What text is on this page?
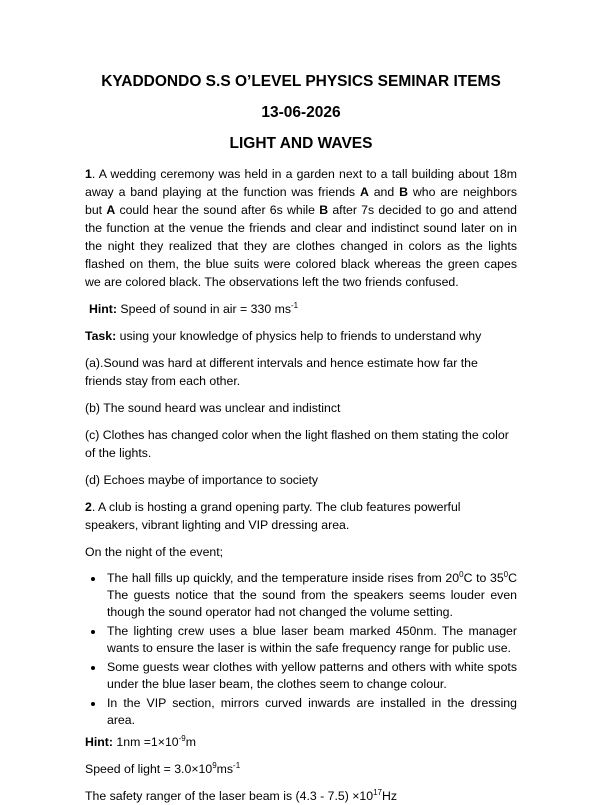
KYADDONDO S.S O’LEVEL PHYSICS SEMINAR ITEMS
13-06-2026
LIGHT AND WAVES

1. A wedding ceremony was held in a garden next to a tall building about 18m away a band playing at the function was friends A and B who are neighbors but A could hear the sound after 6s while B after 7s decided to go and attend the function at the venue the friends and clear and indistinct sound later on in the night they realized that they are clothes changed in colors as the lights flashed on them, the blue suits were colored black whereas the green capes we are colored black. The observations left the two friends confused.

Hint: Speed of sound in air = 330 $ms^{-1}$

Task: using your knowledge of physics help to friends to understand why

(a).Sound was hard at different intervals and hence estimate how far the friends stay from each other.

(b) The sound heard was unclear and indistinct

(c) Clothes has changed color when the light flashed on them stating the color of the lights.

(d) Echoes maybe of importance to society

2. A club is hosting a grand opening party. The club features powerful speakers, vibrant lighting and VIP dressing area.

On the night of the event;

• The hall fills up quickly, and the temperature inside rises from $20^0C$ to $35^0C$ The guests notice that the sound from the speakers seems louder even though the sound operator had not changed the volume setting.
• The lighting crew uses a blue laser beam marked 450nm. The manager wants to ensure the laser is within the safe frequency range for public use.
• Some guests wear clothes with yellow patterns and others with white spots under the blue laser beam, the clothes seem to change colour.
• In the VIP section, mirrors curved inwards are installed in the dressing area.

Hint: $1nm =1\times 10^{-9}m$

Speed of light = $3.0\times 10^9ms^{-1}$

The safety ranger of the laser beam is $(4.3 - 7.5) \times 10^{17}Hz$
